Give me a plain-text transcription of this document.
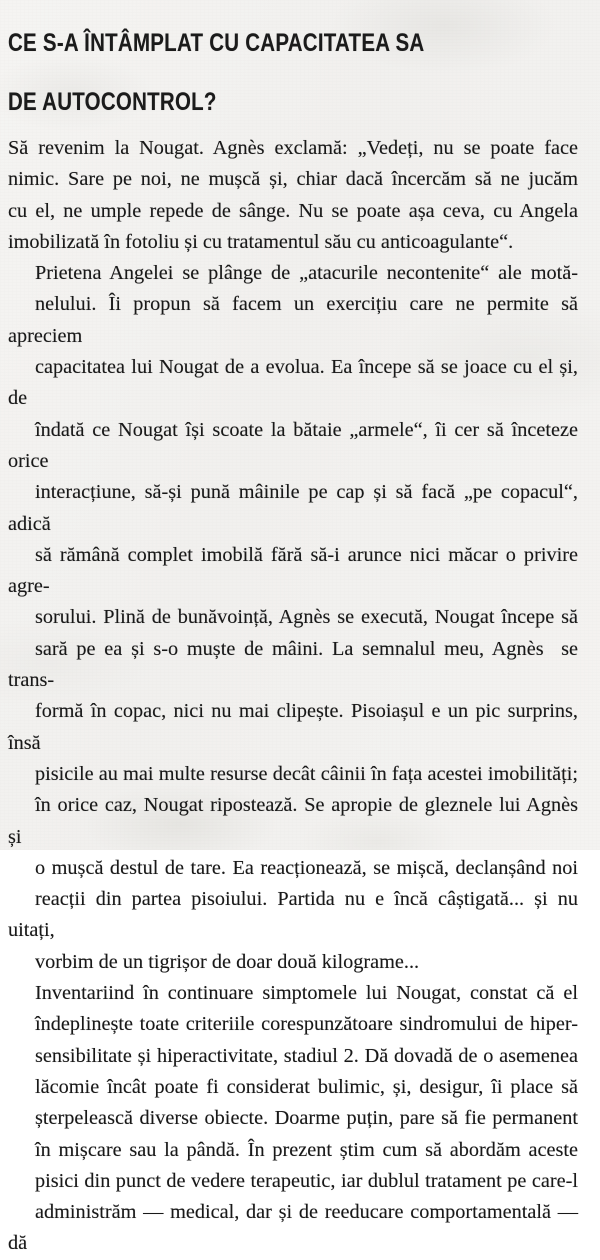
CE S-A ÎNTÂMPLAT CU CAPACITATEA SA
DE AUTOCONTROL?

Să revenim la Nougat. Agnès exclamă: „Vedeți, nu se poate face
nimic. Sare pe noi, ne mușcă și, chiar dacă încercăm să ne jucăm
cu el, ne umple repede de sânge. Nu se poate așa ceva, cu Angela
imobilizată în fotoliu și cu tratamentul său cu anticoagulante“.

Prietena Angelei se plânge de „atacurile necontenite“ ale motă-
nelului. Îi propun să facem un exercițiu care ne permite să apreciem
capacitatea lui Nougat de a evolua. Ea începe să se joace cu el și, de
îndată ce Nougat își scoate la bătaie „armele“, îi cer să înceteze orice
interacțiune, să-și pună mâinile pe cap și să facă „pe copacul“, adică
să rămână complet imobilă fără să-i arunce nici măcar o privire agre-
sorului. Plină de bunăvoință, Agnès se execută, Nougat începe să
sară pe ea și s-o muște de mâini. La semnalul meu, Agnès  se trans-
formă în copac, nici nu mai clipește. Pisoiașul e un pic surprins, însă
pisicile au mai multe resurse decât câinii în fața acestei imobilități;
în orice caz, Nougat ripostează. Se apropie de gleznele lui Agnès și
o mușcă destul de tare. Ea reacționează, se mișcă, declanșând noi
reacții din partea pisoiului. Partida nu e încă câștigată... și nu uitați,
vorbim de un tigrișor de doar două kilograme...

Inventariind în continuare simptomele lui Nougat, constat că el
îndeplinește toate criteriile corespunzătoare sindromului de hiper-
sensibilitate și hiperactivitate, stadiul 2. Dă dovadă de o asemenea
lăcomie încât poate fi considerat bulimic, și, desigur, îi place să
șterpelească diverse obiecte. Doarme puțin, pare să fie permanent
în mișcare sau la pândă. În prezent știm cum să abordăm aceste
pisici din punct de vedere terapeutic, iar dublul tratament pe care-l
administrăm — medical, dar și de reeducare comportamentală — dă
